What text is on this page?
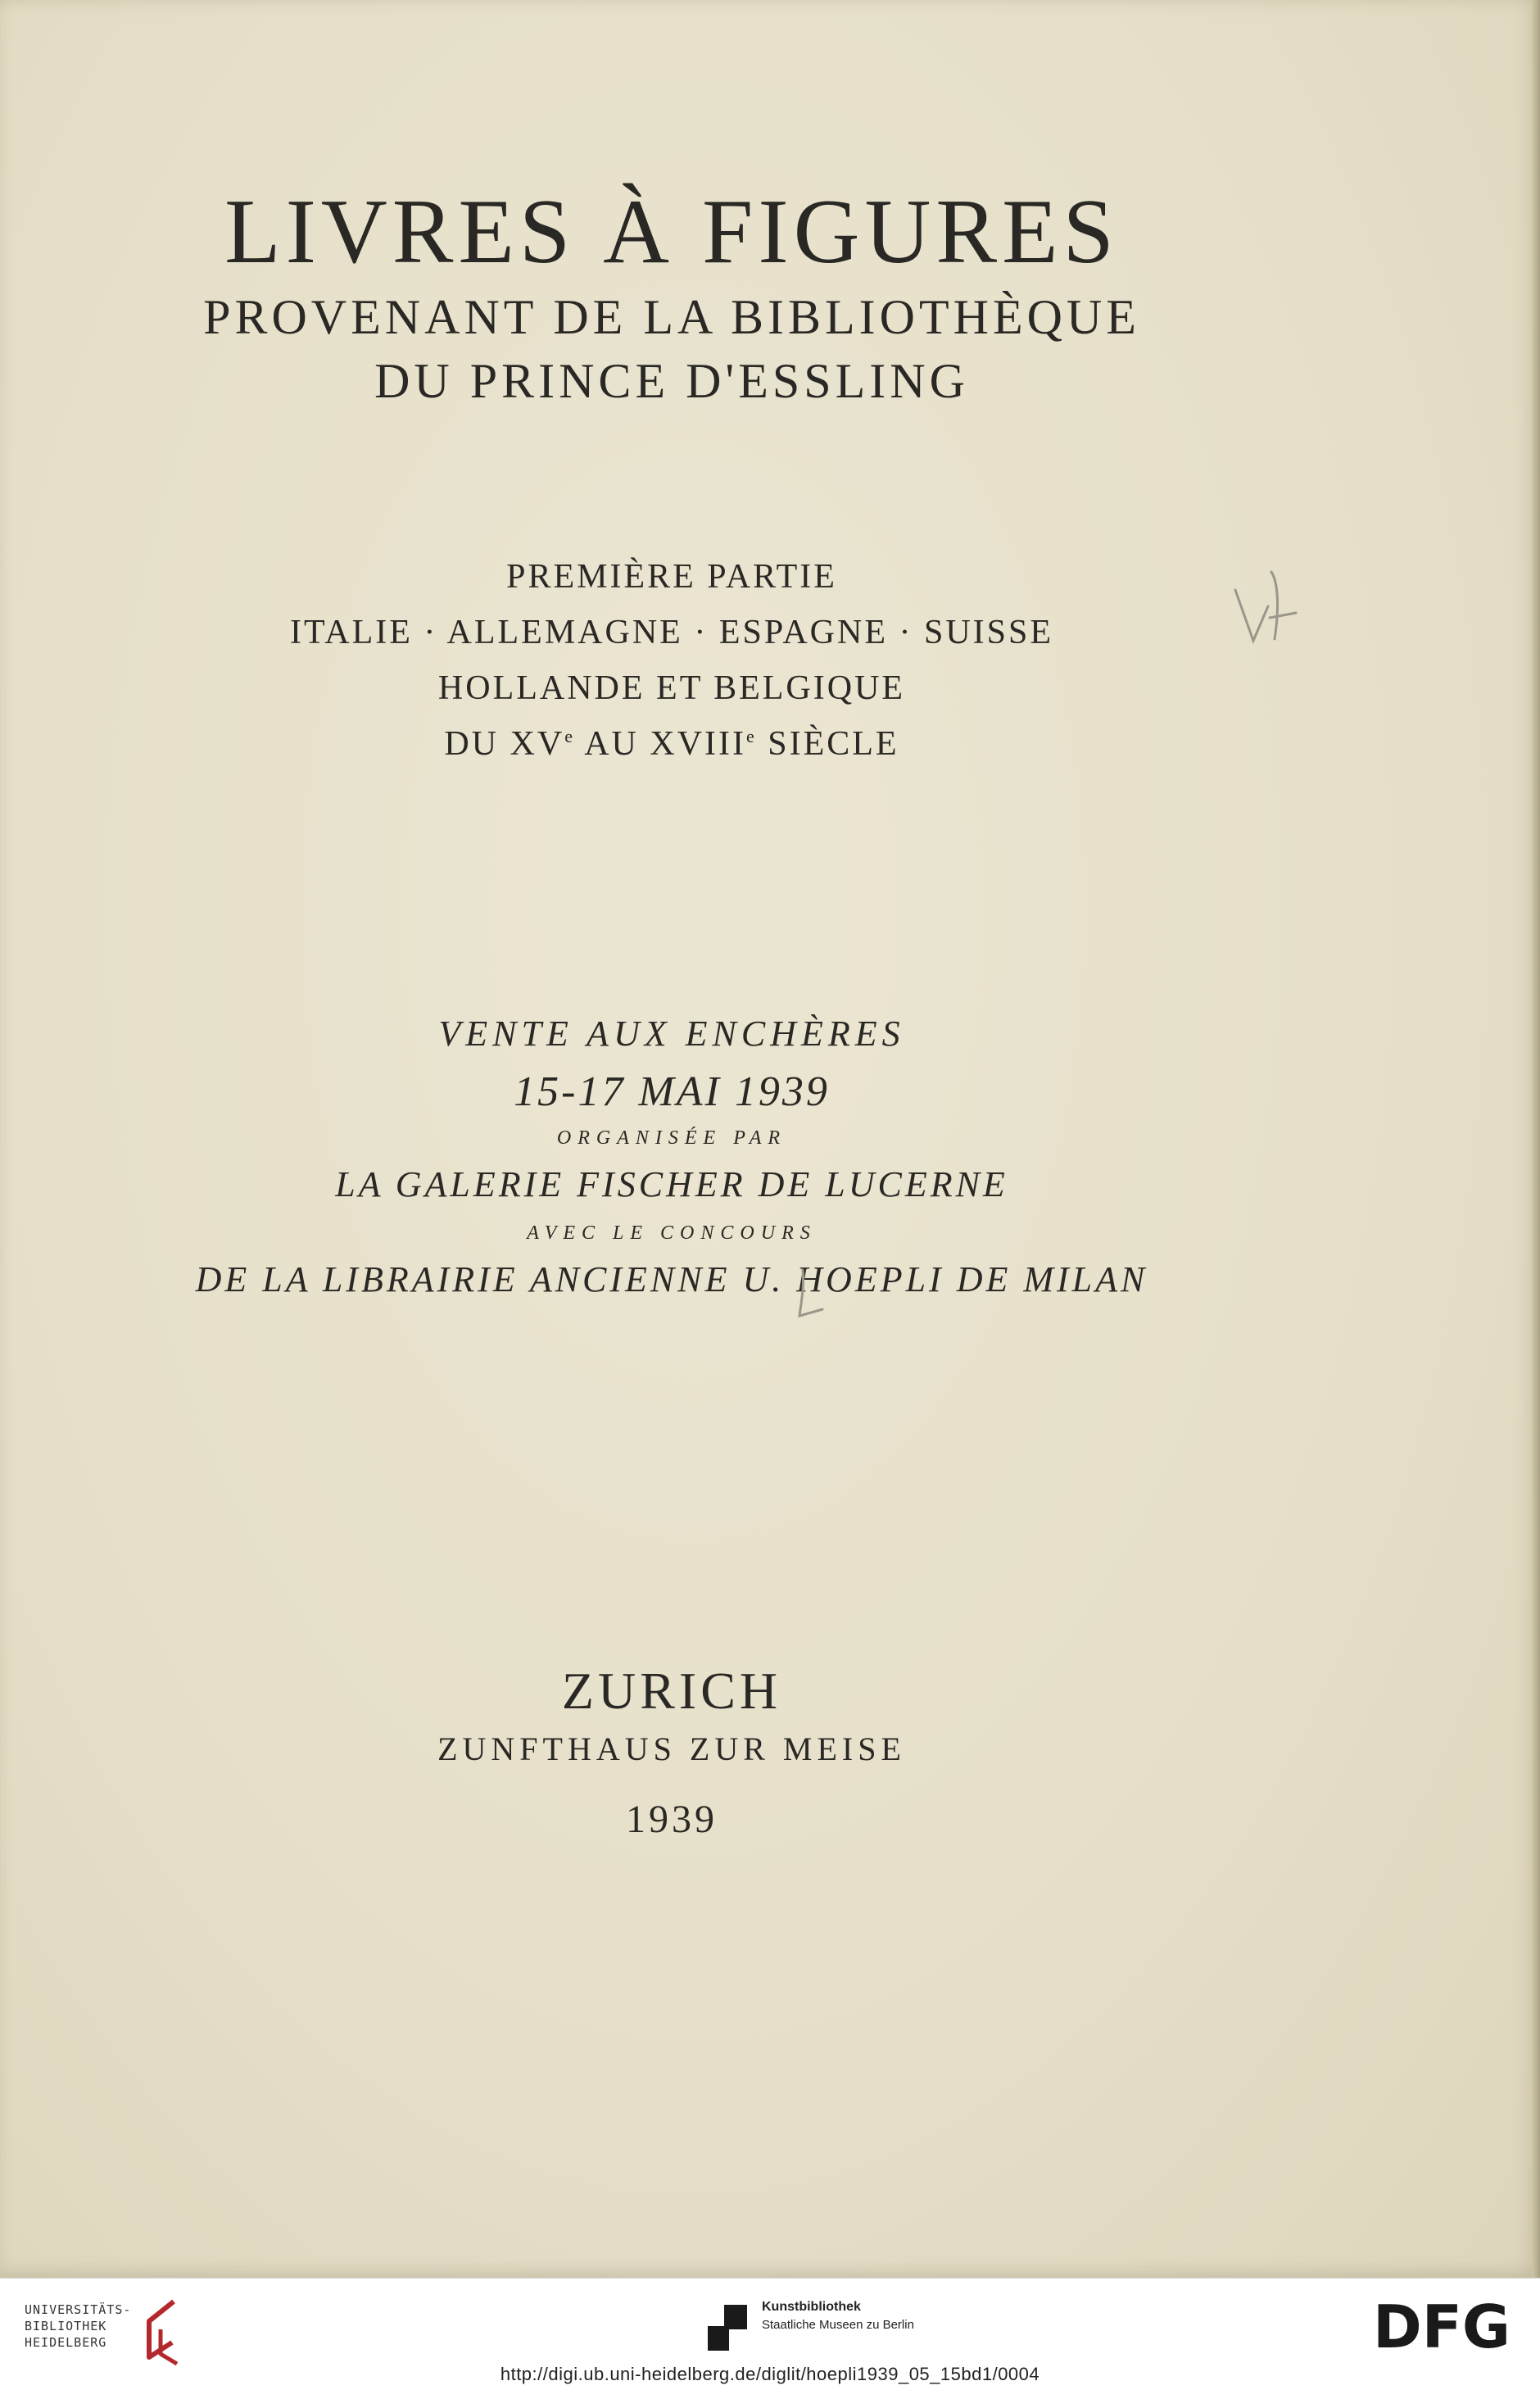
LIVRES À FIGURES
PROVENANT DE LA BIBLIOTHÈQUE
DU PRINCE D'ESSLING
PREMIÈRE PARTIE
ITALIE · ALLEMAGNE · ESPAGNE · SUISSE
HOLLANDE ET BELGIQUE
DU XVe AU XVIIIe SIÈCLE
VENTE AUX ENCHÈRES
15-17 MAI 1939
ORGANISÉE PAR
LA GALERIE FISCHER DE LUCERNE
AVEC LE CONCOURS
DE LA LIBRAIRIE ANCIENNE U. HOEPLI DE MILAN
ZURICH
ZUNFTHAUS ZUR MEISE
1939
UNIVERSITÄTS-
BIBLIOTHEK
HEIDELBERG
Kunstbibliothek
Staatliche Museen zu Berlin	DFG
http://digi.ub.uni-heidelberg.de/diglit/hoepli1939_05_15bd1/0004
